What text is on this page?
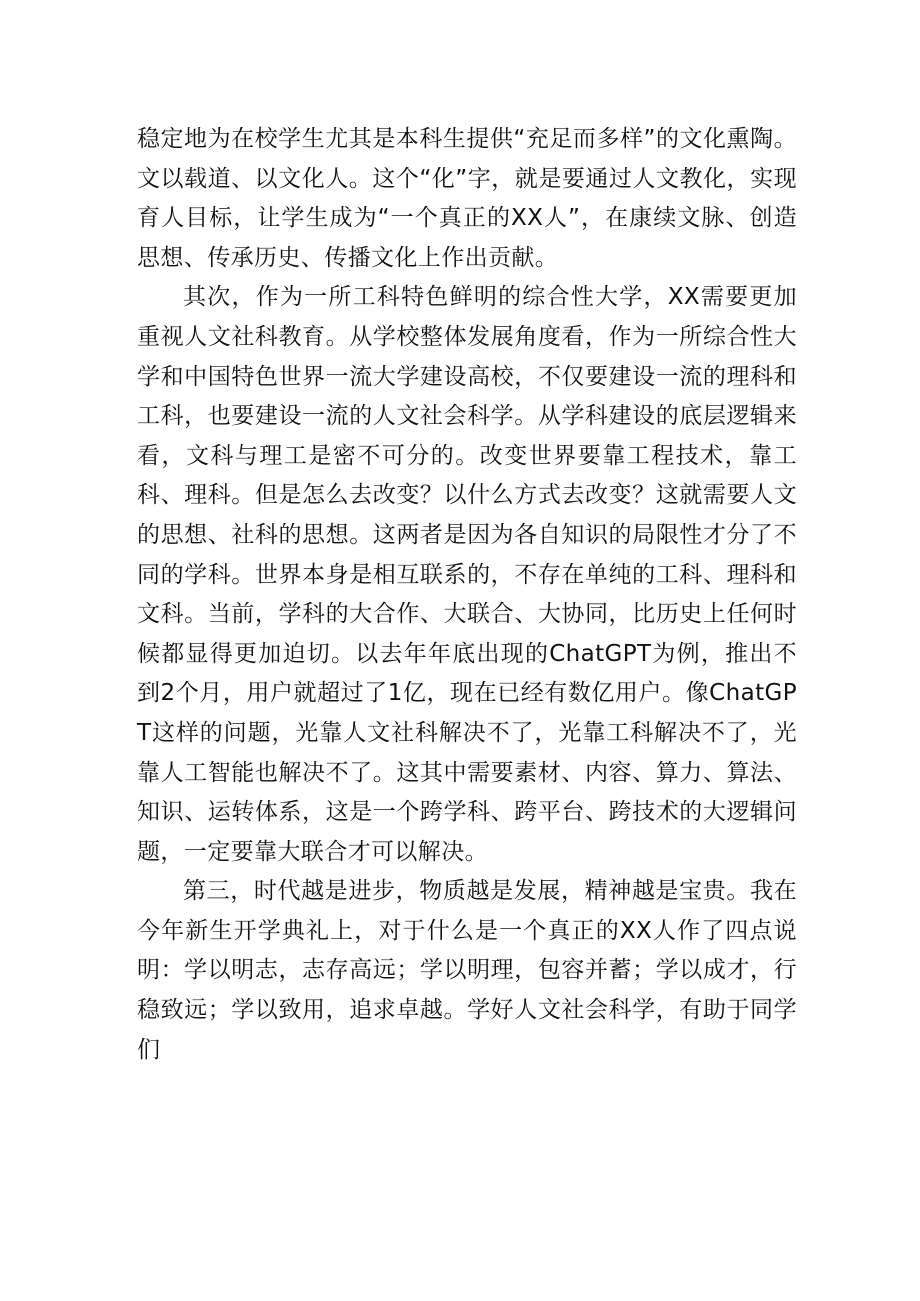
稳定地为在校学生尤其是本科生提供“充足而多样”的文化熏陶。文以载道、以文化人。这个“化”字，就是要通过人文教化，实现育人目标，让学生成为“一个真正的XX人”，在康续文脉、创造思想、传承历史、传播文化上作出贡献。

其次，作为一所工科特色鲜明的综合性大学，XX需要更加重视人文社科教育。从学校整体发展角度看，作为一所综合性大学和中国特色世界一流大学建设高校，不仅要建设一流的理科和工科，也要建设一流的人文社会科学。从学科建设的底层逻辑来看，文科与理工是密不可分的。改变世界要靠工程技术，靠工科、理科。但是怎么去改变？以什么方式去改变？这就需要人文的思想、社科的思想。这两者是因为各自知识的局限性才分了不同的学科。世界本身是相互联系的，不存在单纯的工科、理科和文科。当前，学科的大合作、大联合、大协同，比历史上任何时候都显得更加迫切。以去年年底出现的ChatGPT为例，推出不到2个月，用户就超过了1亿，现在已经有数亿用户。像ChatGPT这样的问题，光靠人文社科解决不了，光靠工科解决不了，光靠人工智能也解决不了。这其中需要素材、内容、算力、算法、知识、运转体系，这是一个跨学科、跨平台、跨技术的大逻辑问题，一定要靠大联合才可以解决。

第三，时代越是进步，物质越是发展，精神越是宝贵。我在今年新生开学典礼上，对于什么是一个真正的XX人作了四点说明：学以明志，志存高远；学以明理，包容并蓄；学以成才，行稳致远；学以致用，追求卓越。学好人文社会科学，有助于同学们
